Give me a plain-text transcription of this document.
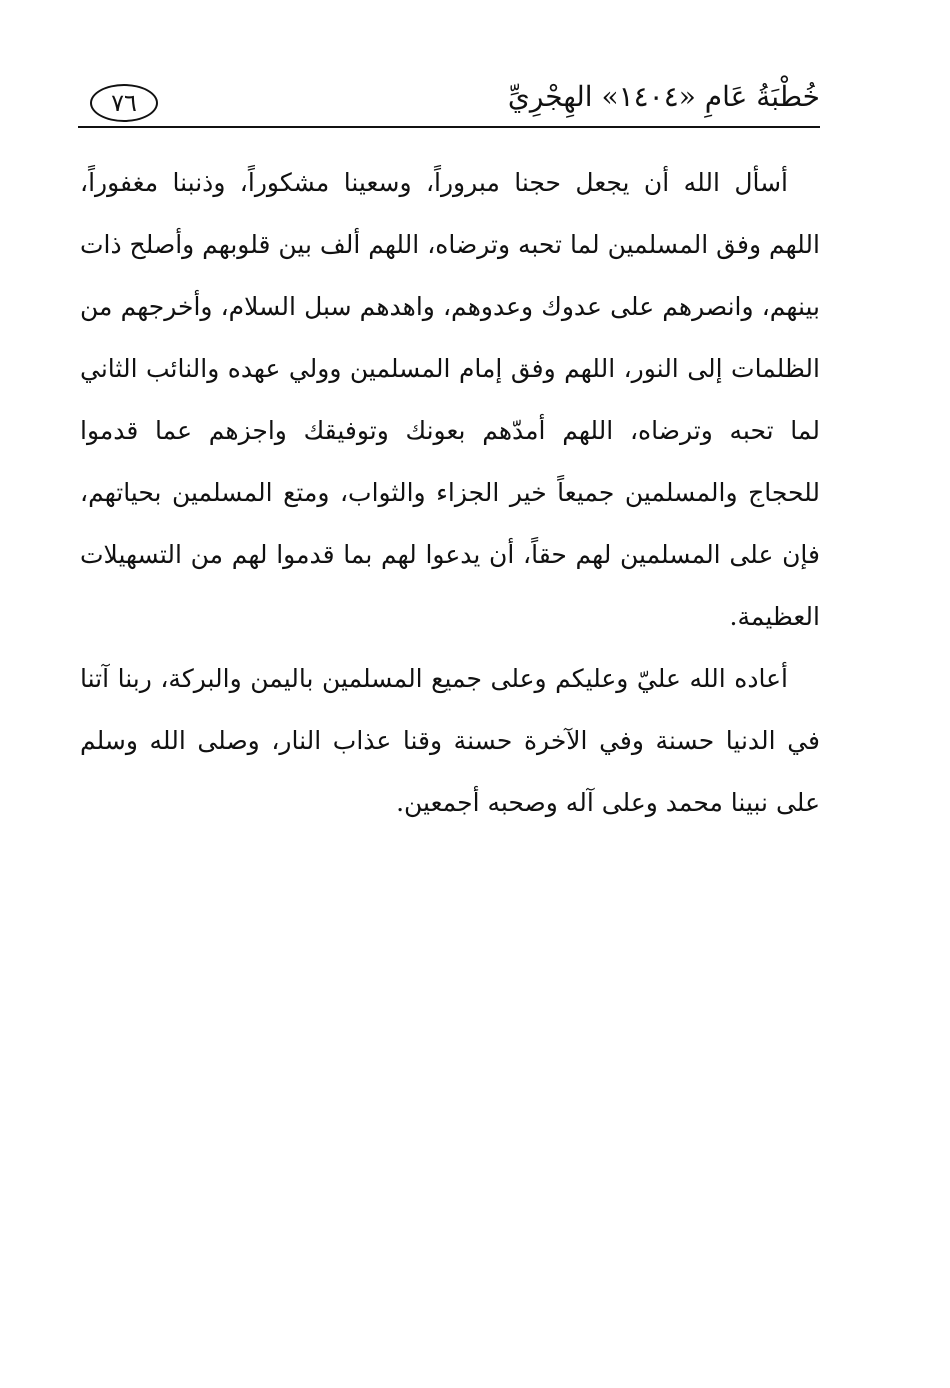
٧٦	خُطْبَةُ عَامِ «١٤٠٤» الهِجْرِيِّ

أسأل الله أن يجعل حجنا مبروراً، وسعينا مشكوراً، وذنبنا مغفوراً، اللهم وفق المسلمين لما تحبه وترضاه، اللهم ألف بين قلوبهم وأصلح ذات بينهم، وانصرهم على عدوك وعدوهم، واهدهم سبل السلام، وأخرجهم من الظلمات إلى النور، اللهم وفق إمام المسلمين وولي عهده والنائب الثاني لما تحبه وترضاه، اللهم أمدّهم بعونك وتوفيقك واجزهم عما قدموا للحجاج والمسلمين جميعاً خير الجزاء والثواب، ومتع المسلمين بحياتهم، فإن على المسلمين لهم حقاً، أن يدعوا لهم بما قدموا لهم من التسهيلات العظيمة.

أعاده الله عليّ وعليكم وعلى جميع المسلمين باليمن والبركة، ربنا آتنا في الدنيا حسنة وفي الآخرة حسنة وقنا عذاب النار، وصلى الله وسلم على نبينا محمد وعلى آله وصحبه أجمعين.
